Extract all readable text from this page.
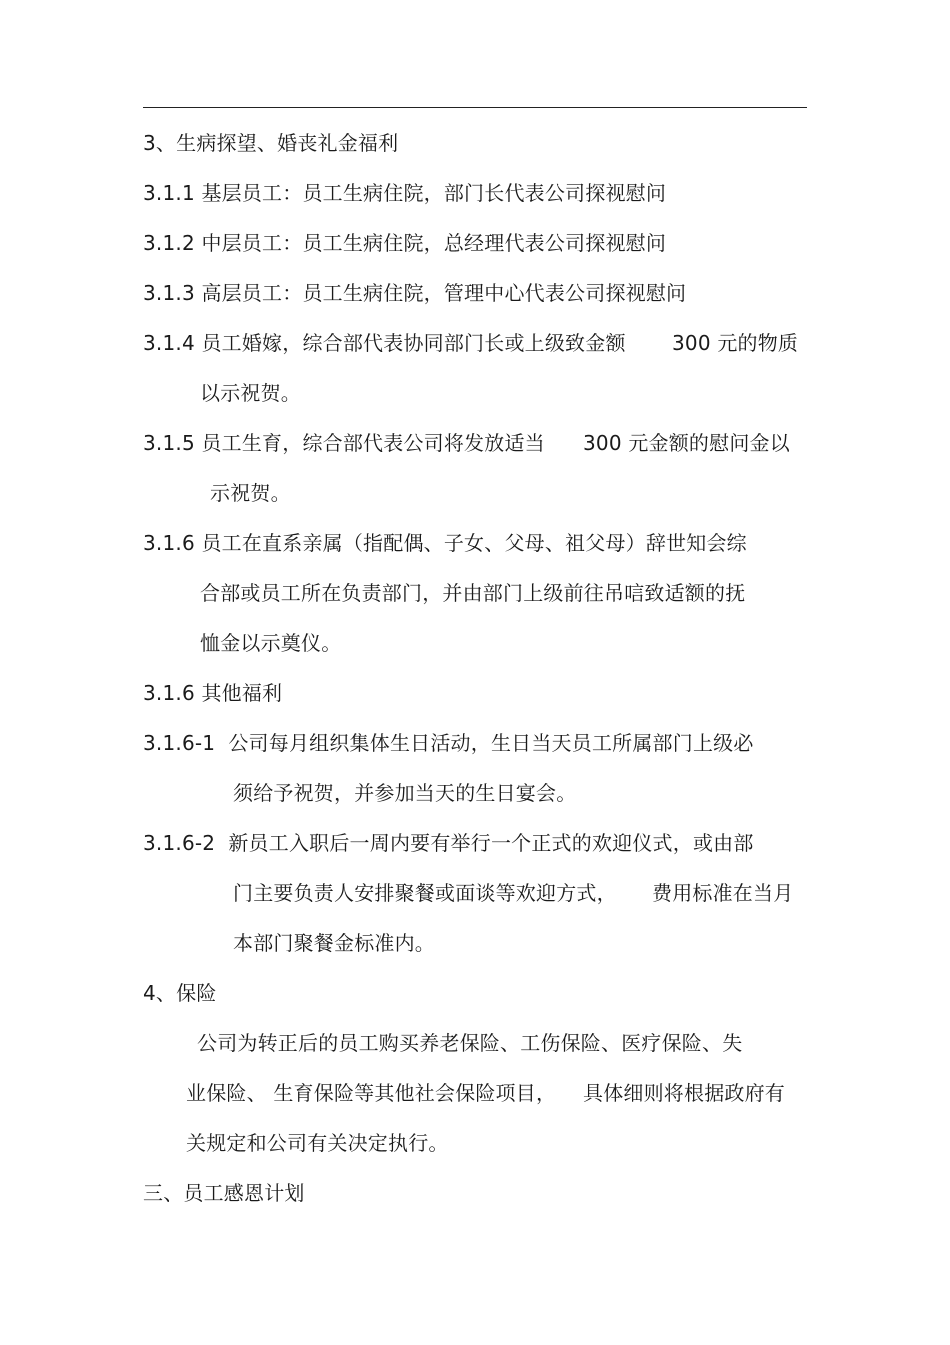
3、生病探望、婚丧礼金福利
3.1.1 基层员工：员工生病住院，部门长代表公司探视慰问
3.1.2 中层员工：员工生病住院，总经理代表公司探视慰问
3.1.3 高层员工：员工生病住院，管理中心代表公司探视慰问
3.1.4 员工婚嫁，综合部代表协同部门长或上级致金额 300 元的物质
以示祝贺。
3.1.5 员工生育，综合部代表公司将发放适当 300 元金额的慰问金以
示祝贺。
3.1.6 员工在直系亲属（指配偶、子女、父母、祖父母）辞世知会综
合部或员工所在负责部门，并由部门上级前往吊唁致适额的抚
恤金以示奠仪。
3.1.6 其他福利
3.1.6-1  公司每月组织集体生日活动，生日当天员工所属部门上级必
须给予祝贺，并参加当天的生日宴会。
3.1.6-2  新员工入职后一周内要有举行一个正式的欢迎仪式，或由部
门主要负责人安排聚餐或面谈等欢迎方式， 费用标准在当月
本部门聚餐金标准内。
4、保险
公司为转正后的员工购买养老保险、工伤保险、医疗保险、失
业保险、 生育保险等其他社会保险项目， 具体细则将根据政府有
关规定和公司有关决定执行。
三、员工感恩计划
